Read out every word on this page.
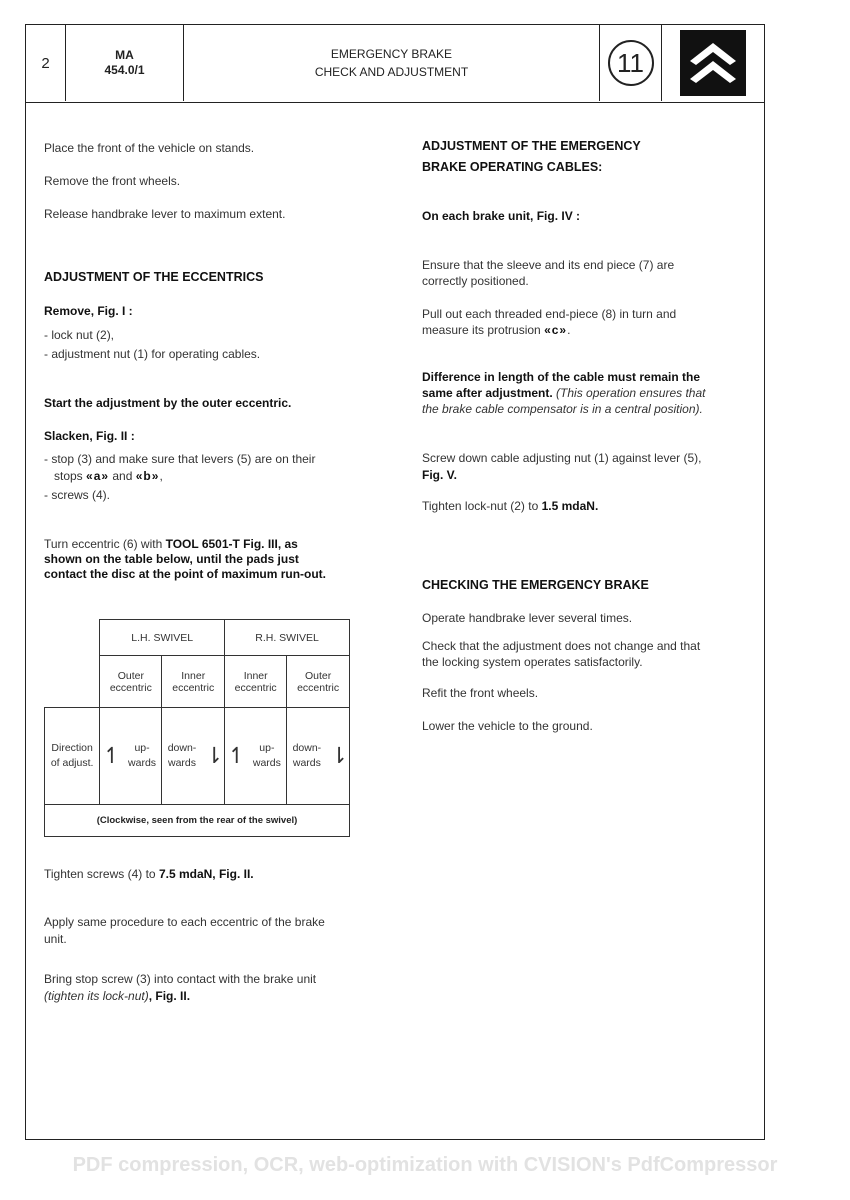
2	MA
454.0/1
EMERGENCY BRAKE
CHECK AND ADJUSTMENT	11

Place the front of the vehicle on stands.

Remove the front wheels.

Release handbrake lever to maximum extent.

ADJUSTMENT OF THE ECCENTRICS

Remove, Fig. I :

- lock nut (2),

- adjustment nut (1) for operating cables.

Start the adjustment by the outer eccentric.

Slacken, Fig. II :

- stop (3) and make sure that levers (5) are on their

stops «a» and «b»,

- screws (4).

Turn eccentric (6) with TOOL 6501-T Fig. III, as

shown on the table below, until the pads just

contact the disc at the point of maximum run-out.

Tighten screws (4) to 7.5 mdaN, Fig. II.

Apply same procedure to each eccentric of the brake

unit.

Bring stop screw (3) into contact with the brake unit

(tighten its lock-nut), Fig. II.

	L.H. SWIVEL		R.H. SWIVEL	
	Outer eccentric	Inner eccentric	Inner eccentric	Outer eccentric

Direction of adjust.	↿ up-wards	down-wards ⇂	↿ up-wards	down-wards ⇂

(Clockwise, seen from the rear of the swivel)				

ADJUSTMENT OF THE EMERGENCY

BRAKE OPERATING CABLES:

On each brake unit, Fig. IV :

Ensure that the sleeve and its end piece (7) are

correctly positioned.

Pull out each threaded end-piece (8) in turn and

measure its protrusion «c».

Difference in length of the cable must remain the

same after adjustment. (This operation ensures that

the brake cable compensator is in a central position).

Screw down cable adjusting nut (1) against lever (5),

Fig. V.

Tighten lock-nut (2) to 1.5 mdaN.

CHECKING THE EMERGENCY BRAKE

Operate handbrake lever several times.

Check that the adjustment does not change and that

the locking system operates satisfactorily.

Refit the front wheels.

Lower the vehicle to the ground.

PDF compression, OCR, web-optimization with CVISION's PdfCompressor
